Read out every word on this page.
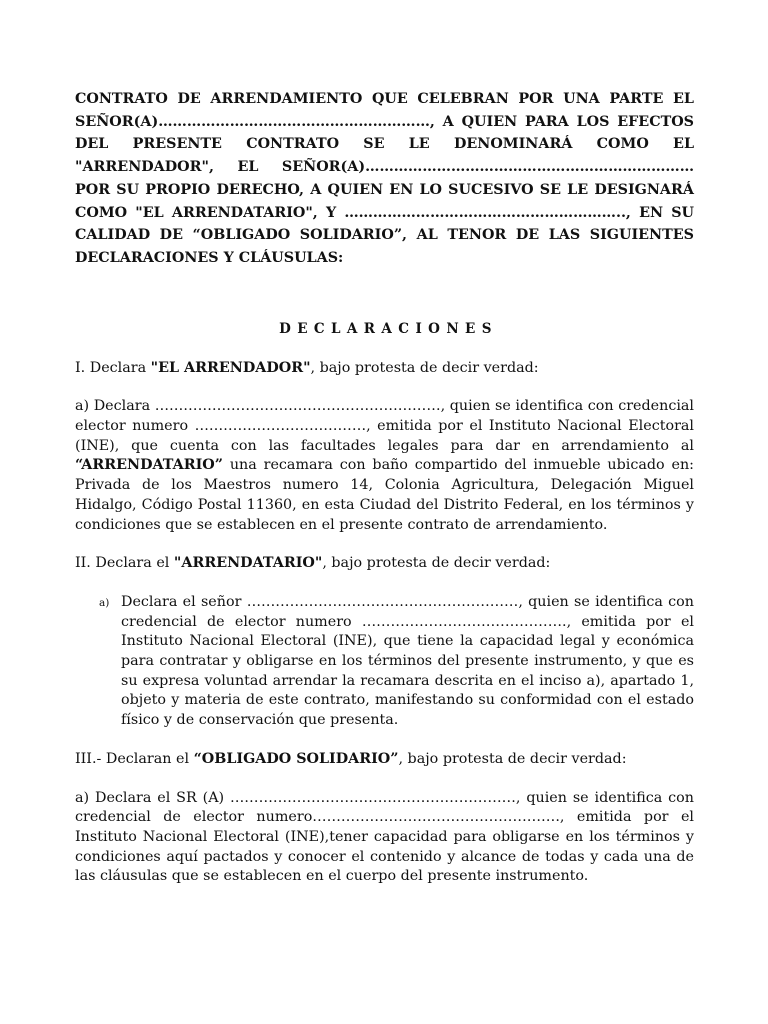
CONTRATO DE ARRENDAMIENTO QUE CELEBRAN POR UNA PARTE EL SEÑOR(A)…………………………………………………, A QUIEN PARA LOS EFECTOS DEL PRESENTE CONTRATO SE LE DENOMINARÁ COMO EL "ARRENDADOR", EL SEÑOR(A)…………………………………………………………… POR SU PROPIO DERECHO, A QUIEN EN LO SUCESIVO SE LE DESIGNARÁ COMO "EL ARRENDATARIO", Y ………………………………………………….., EN SU CALIDAD DE “OBLIGADO SOLIDARIO”, AL TENOR DE LAS SIGUIENTES DECLARACIONES Y CLÁUSULAS:

DECLARACIONES

I. Declara "EL ARRENDADOR", bajo protesta de decir verdad:

a) Declara ……………………………………………………, quien se identifica con credencial elector numero ………………………………, emitida por el Instituto Nacional Electoral (INE), que cuenta con las facultades legales para dar en arrendamiento al “ARRENDATARIO” una recamara con baño compartido del inmueble ubicado en: Privada de los Maestros numero 14, Colonia Agricultura, Delegación Miguel Hidalgo, Código Postal 11360, en esta Ciudad del Distrito Federal, en los términos y condiciones que se establecen en el presente contrato de arrendamiento.

II. Declara el "ARRENDATARIO", bajo protesta de decir verdad:

a) Declara el señor …………………………………………………, quien se identifica con credencial de elector numero ……………………………………., emitida por el Instituto Nacional Electoral (INE), que tiene la capacidad legal y económica para contratar y obligarse en los términos del presente instrumento, y que es su expresa voluntad arrendar la recamara descrita en el inciso a), apartado 1, objeto y materia de este contrato, manifestando su conformidad con el estado físico y de conservación que presenta.

III.- Declaran el “OBLIGADO SOLIDARIO”, bajo protesta de decir verdad:

a) Declara el SR (A) ……………………………………………………, quien se identifica con credencial de elector numero……………………………………………., emitida por el Instituto Nacional Electoral (INE),tener capacidad para obligarse en los términos y condiciones aquí pactados y conocer el contenido y alcance de todas y cada una de las cláusulas que se establecen en el cuerpo del presente instrumento.
